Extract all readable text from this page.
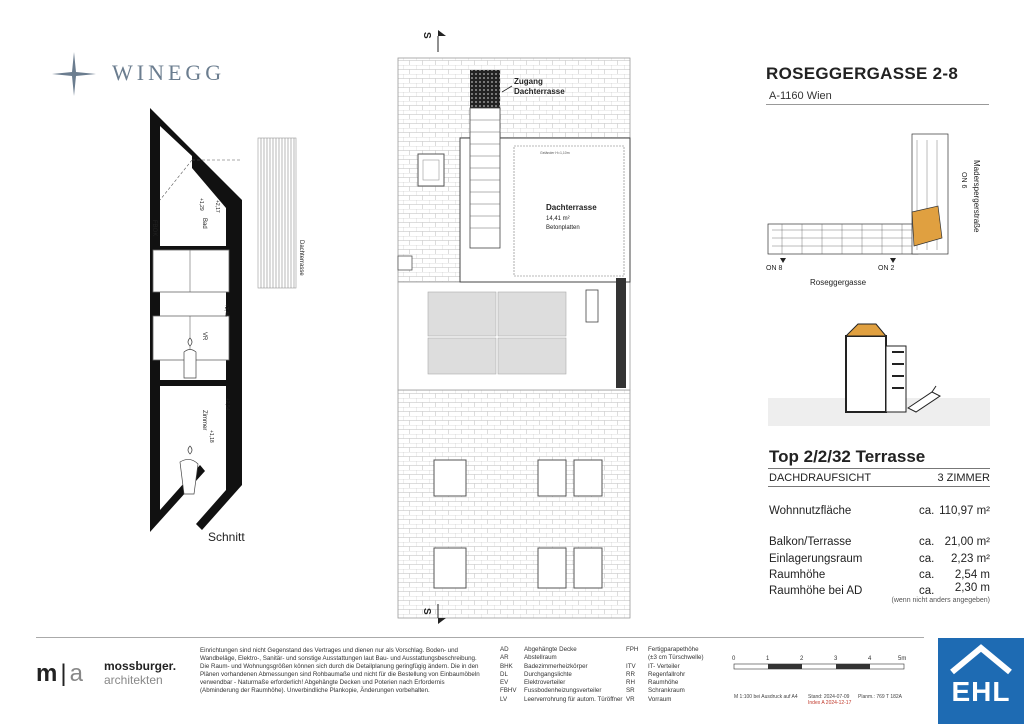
WINEGG	ROSEGGERGASSE 2-8
A-1160 Wien
Dachterrasse
Bad
VR
Zimmer
FBOK
+2,17
+1,29
+2,46
+2,54
+1,18
Schnitt
S
Zugang
Dachterrasse
Dachterrasse
14,41 m²
Betonplatten
Geländer H=1,10m
S
ON 8	ON 2
ON 6
Roseggergasse
Maderspergerstraße
Top 2/2/32 Terrasse
DACHDRAUFSICHT	3 ZIMMER
Wohnnutzfläche	ca. 110,97 m²
Balkon/Terrasse	ca. 21,00 m²
Einlagerungsraum	ca. 2,23 m²
Raumhöhe	ca. 2,54 m
Raumhöhe bei AD	ca. 2,30 m
(wenn nicht anders angegeben)
m | a mossburger.
architekten
Einrichtungen sind nicht Gegenstand des Vertrages und dienen nur als Vorschlag. Boden- und Wandbeläge, Elektro-, Sanitär- und sonstige Ausstattungen laut Bau- und Ausstattungsbeschreibung. Die Raum- und Wohnungsgrößen können sich durch die Detailplanung geringfügig ändern. Die in den Plänen vorhandenen Abmessungen sind Rohbaumaße und nicht für die Bestellung von Einbaumöbeln verwendbar - Naturmaße erforderlich! Abgehängte Decken und Poterien nach Erfordernis (Abminderung der Raumhöhe). Unverbindliche Plankopie, Änderungen vorbehalten.
AD Abgehängte Decke
AR Abstellraum
BHK Badezimmerheizkörper
DL	Durchgangslichte
EV	Elektroverteiler
FBHV Fussbodenheizungsverteiler
LV	Leerverrohrung für autom. Türöffner
FPH Fertigparapethöhe
(±3 cm Türschwelle)
ITV IT- Verteiler
RR Regenfallrohr
RH Raumhöhe
SR Schrankraum
VR Vorraum
0	1	2	3	4	5m
M 1:100 bei Ausdruck auf A4 Stand: 2024-07-09
Index A 2024-12-17
Planm.: 769 T 182A	EHL
